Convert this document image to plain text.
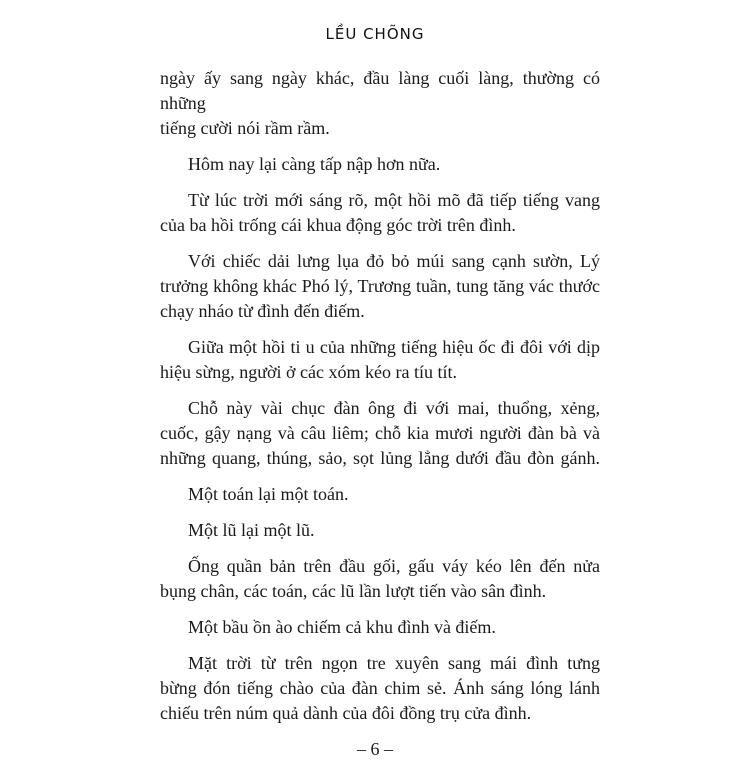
LỀU CHÕNG
ngày ấy sang ngày khác, đầu làng cuối làng, thường có những
tiếng cười nói rầm rầm.
Hôm nay lại càng tấp nập hơn nữa.
Từ lúc trời mới sáng rõ, một hồi mõ đã tiếp tiếng vang
của ba hồi trống cái khua động góc trời trên đình.
Với chiếc dải lưng lụa đỏ bỏ múi sang cạnh sườn, Lý
trưởng không khác Phó lý, Trương tuần, tung tăng vác thước
chạy nháo từ đình đến điếm.
Giữa một hồi ti u của những tiếng hiệu ốc đi đôi với dịp
hiệu sừng, người ở các xóm kéo ra tíu tít.
Chỗ này vài chục đàn ông đi với mai, thuổng, xẻng,
cuốc, gậy nạng và câu liêm; chỗ kia mươi người đàn bà và
những quang, thúng, sảo, sọt lủng lẳng dưới đầu đòn gánh.
Một toán lại một toán.
Một lũ lại một lũ.
Ống quần bản trên đầu gối, gấu váy kéo lên đến nửa
bụng chân, các toán, các lũ lần lượt tiến vào sân đình.
Một bầu ồn ào chiếm cả khu đình và điếm.
Mặt trời từ trên ngọn tre xuyên sang mái đình tưng
bừng đón tiếng chào của đàn chim sẻ. Ánh sáng lóng lánh
chiếu trên núm quả dành của đôi đồng trụ cửa đình.
– 6 –
